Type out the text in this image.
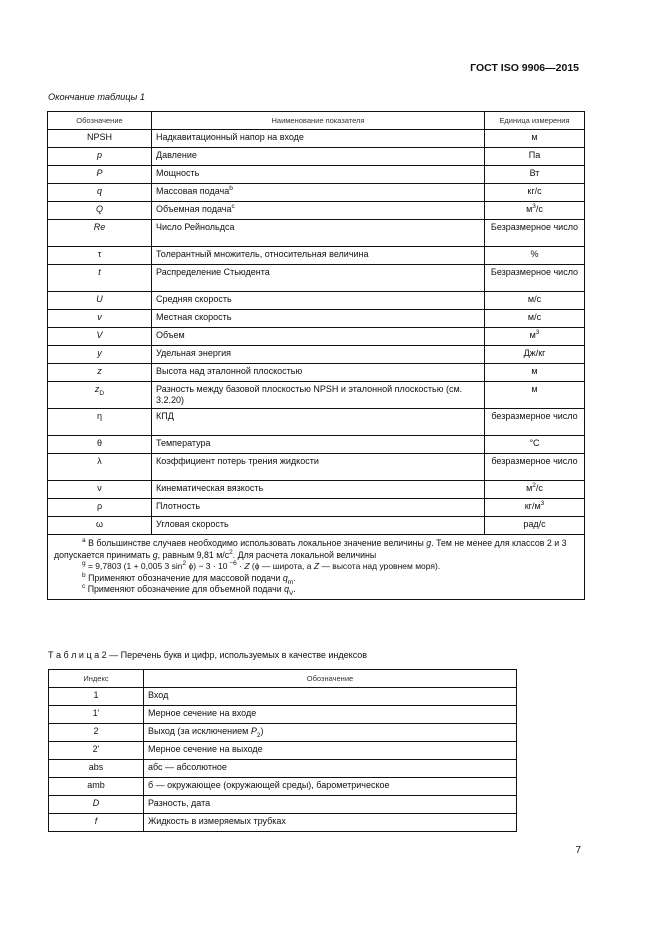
ГОСТ ISO 9906—2015
Окончание таблицы 1
Обозначение	Наименование показателя	Единица измерения
NPSH	Надкавитационный напор на входе	м
p	Давление	Па
P	Мощность	Вт
q	Массовая подача$^b$	кг/с
Q	Объемная подача$^c$	$м^3/с$
Re	Число Рейнольдса	Безразмерное число
τ	Толерантный множитель, относительная величина	%
t	Распределение Стьюдента	Безразмерное число
U	Средняя скорость	м/с
v	Местная скорость	м/с
V	Объем	$м^3$
y	Удельная энергия	Дж/кг
z	Высота над эталонной плоскостью	м
$z_D$	Разность между базовой плоскостью NPSH и эталонной плоскостью (см. 3.2.20)	м
η	КПД	безразмерное число
θ	Температура	°С
λ	Коэффициент потерь трения жидкости	безразмерное число
ν	Кинематическая вязкость	$м^2/с$
ρ	Плотность	$кг/м^3$
ω	Угловая скорость	рад/с

$^a$ В большинстве случаев необходимо использовать локальное значение величины g. Тем не менее для классов 2 и 3 допускается принимать g, равным 9,81 $м/с^2$. Для расчета локальной величины
$^g$ = 9,7803 (1 + 0,005 3 $\sin^2 \phi) - 3 \cdot 10$ $^{-6}$ · Z (ϕ — широта, а Z — высота над уровнем моря).
$^b$ Применяют обозначение для массовой подачи $q_m$.
$^c$ Применяют обозначение для объемной подачи $q_V$.		
Т а б л и ц а 2 — Перечень букв и цифр, используемых в качестве индексов
Индекс	Обозначение
1	Вход
1'	Мерное сечение на входе
2	Выход (за исключением $P_2$)
2'	Мерное сечение на выходе
abs	абс — абсолютное
amb	б — окружающее (окружающей среды), барометрическое
D	Разность, дата
f	Жидкость в измеряемых трубках
7
